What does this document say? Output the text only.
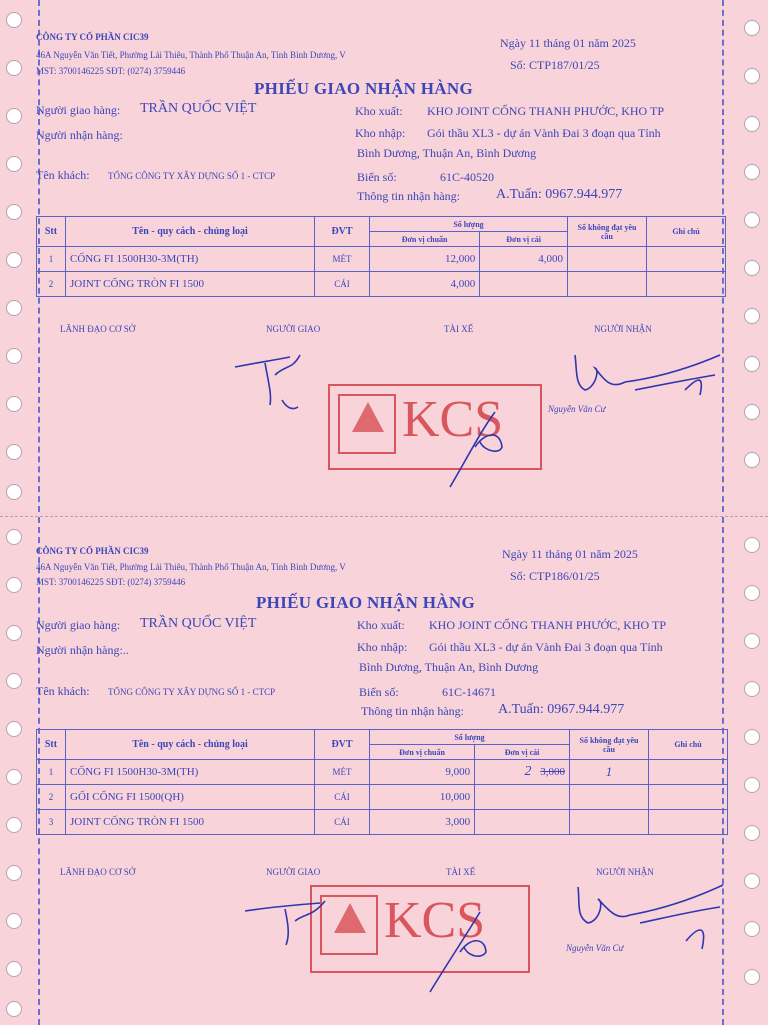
CÔNG TY CỔ PHẦN CIC39
46A Nguyễn Văn Tiết, Phường Lái Thiêu, Thành Phố Thuận An, Tỉnh Bình Dương, V
MST: 3700146225 SĐT: (0274) 3759446
Ngày 11 tháng 01 năm 2025
Số: CTP187/01/25
PHIẾU GIAO NHẬN HÀNG
Người giao hàng: TRẦN QUỐC VIỆT
Người nhận hàng:
Tên khách: TỔNG CÔNG TY XÂY DỰNG SỐ 1 - CTCP
Kho xuất: KHO JOINT CỐNG THANH PHƯỚC, KHO TP
Kho nhập: Gói thầu XL3 - dự án Vành Đai 3 đoạn qua Tỉnh
Bình Dương, Thuận An, Bình Dương
Biển số:	61C-40520
Thông tin nhận hàng:	A.Tuấn: 0967.944.977
Stt	Tên - quy cách - chủng loại	ĐVT	Số lượng		Số không đạt yêu cầu	Ghi chú
			Đơn vị chuẩn	Đơn vị cái		
1	CỐNG FI 1500H30-3M(TH)	MÉT	12,000	4,000		
2	JOINT CỐNG TRÒN FI 1500	CÁI	4,000			
LÃNH ĐẠO CƠ SỞ	NGƯỜI GIAO	TÀI XẾ	NGƯỜI NHẬN
KCS	Nguyễn Văn Cư
CÔNG TY CỔ PHẦN CIC39
46A Nguyễn Văn Tiết, Phường Lái Thiêu, Thành Phố Thuận An, Tỉnh Bình Dương, V
MST: 3700146225 SĐT: (0274) 3759446
Ngày 11 tháng 01 năm 2025
Số: CTP186/01/25
PHIẾU GIAO NHẬN HÀNG
Người giao hàng: TRẦN QUỐC VIỆT
Người nhận hàng:..
Tên khách: TỔNG CÔNG TY XÂY DỰNG SỐ 1 - CTCP
Kho xuất: KHO JOINT CỐNG THANH PHƯỚC, KHO TP
Kho nhập: Gói thầu XL3 - dự án Vành Đai 3 đoạn qua Tỉnh
Bình Dương, Thuận An, Bình Dương
Biển số:	61C-14671
Thông tin nhận hàng: A.Tuấn: 0967.944.977
Stt	Tên - quy cách - chủng loại	ĐVT	Số lượng		Số không đạt yêu cầu	Ghi chú
			Đơn vị chuẩn	Đơn vị cái		
1	CỐNG FI 1500H30-3M(TH)	MÉT	9,000	2 3,000	1	
2	GỐI CỐNG FI 1500(QH)	CÁI	10,000			
3	JOINT CỐNG TRÒN FI 1500	CÁI	3,000			
LÃNH ĐẠO CƠ SỞ	NGƯỜI GIAO	TÀI XẾ	NGƯỜI NHẬN
KCS	Nguyễn Văn Cư
